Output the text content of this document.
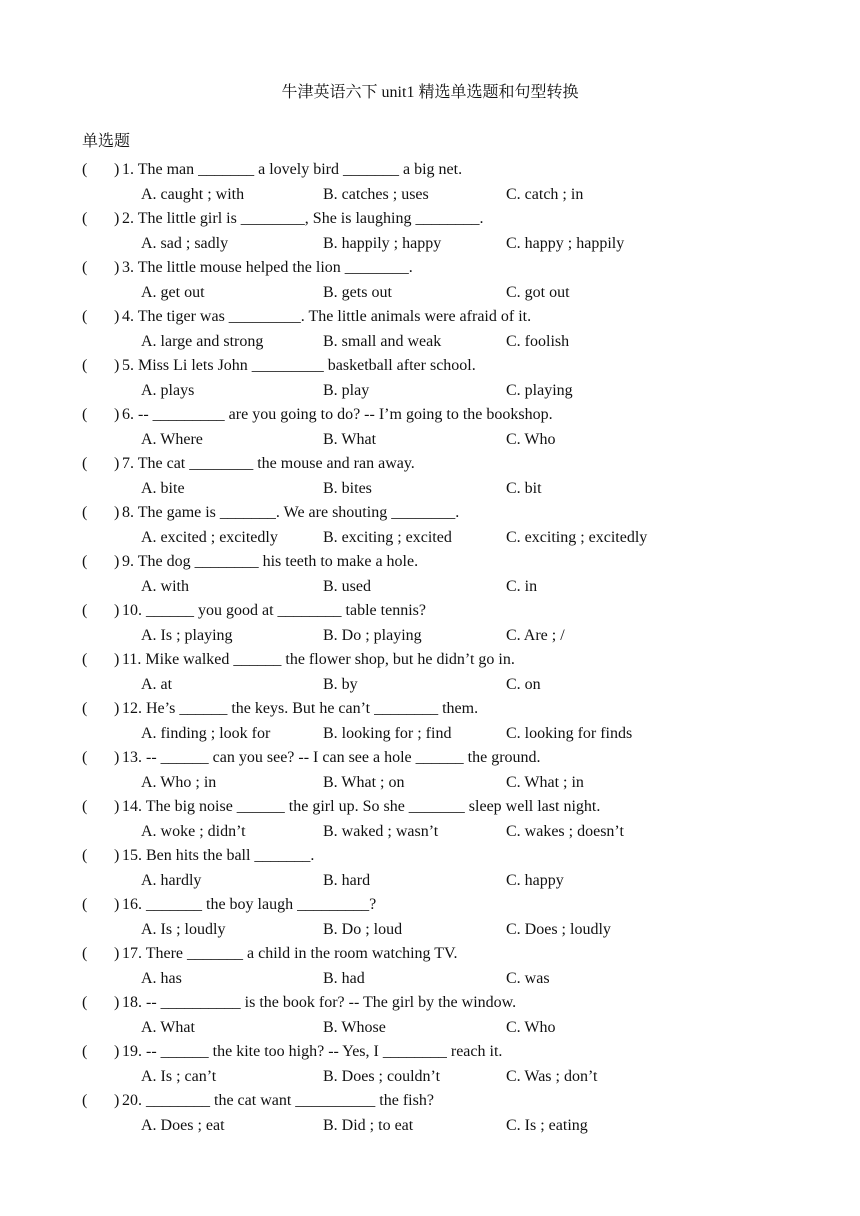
牛津英语六下 unit1 精选单选题和句型转换
单选题
( ) 1. The man _______ a lovely bird _______ a big net.
A. caught ; with	B. catches ; uses	C. catch ; in
( ) 2. The little girl is ________, She is laughing ________.
A. sad ; sadly	B. happily ; happy	C. happy ; happily
( ) 3. The little mouse helped the lion ________.
A. get out	B. gets out	C. got out
( ) 4. The tiger was _________. The little animals were afraid of it.
A. large and strong	B. small and weak	C. foolish
( ) 5. Miss Li lets John _________ basketball after school.
A. plays	B. play	C. playing
( ) 6. -- _________ are you going to do? -- I’m going to the bookshop.
A. Where	B. What	C. Who
( ) 7. The cat ________ the mouse and ran away.
A. bite	B. bites	C. bit
( ) 8. The game is _______. We are shouting ________.
A. excited ; excitedly	B. exciting ; excited	C. exciting ; excitedly
( ) 9. The dog ________ his teeth to make a hole.
A. with	B. used	C. in
( ) 10. ______ you good at ________ table tennis?
A. Is ; playing	B. Do ; playing	C. Are ; /
( ) 11. Mike walked ______ the flower shop, but he didn’t go in.
A. at	B. by	C. on
( ) 12. He’s ______ the keys. But he can’t ________ them.
A. finding ; look for	B. looking for ; find	C. looking for finds
( ) 13. -- ______ can you see? -- I can see a hole ______ the ground.
A. Who ; in	B. What ; on	C. What ; in
( ) 14. The big noise ______ the girl up. So she _______ sleep well last night.
A. woke ; didn’t	B. waked ; wasn’t	C. wakes ; doesn’t
( ) 15. Ben hits the ball _______.
A. hardly	B. hard	C. happy
( ) 16. _______ the boy laugh _________?
A. Is ; loudly	B. Do ; loud	C. Does ; loudly
( ) 17. There _______ a child in the room watching TV.
A. has	B. had	C. was
( ) 18. -- __________ is the book for? -- The girl by the window.
A. What	B. Whose	C. Who
( ) 19. -- ______ the kite too high? -- Yes, I ________ reach it.
A. Is ; can’t	B. Does ; couldn’t	C. Was ; don’t
( ) 20. ________ the cat want __________ the fish?
A. Does ; eat	B. Did ; to eat	C. Is ; eating
